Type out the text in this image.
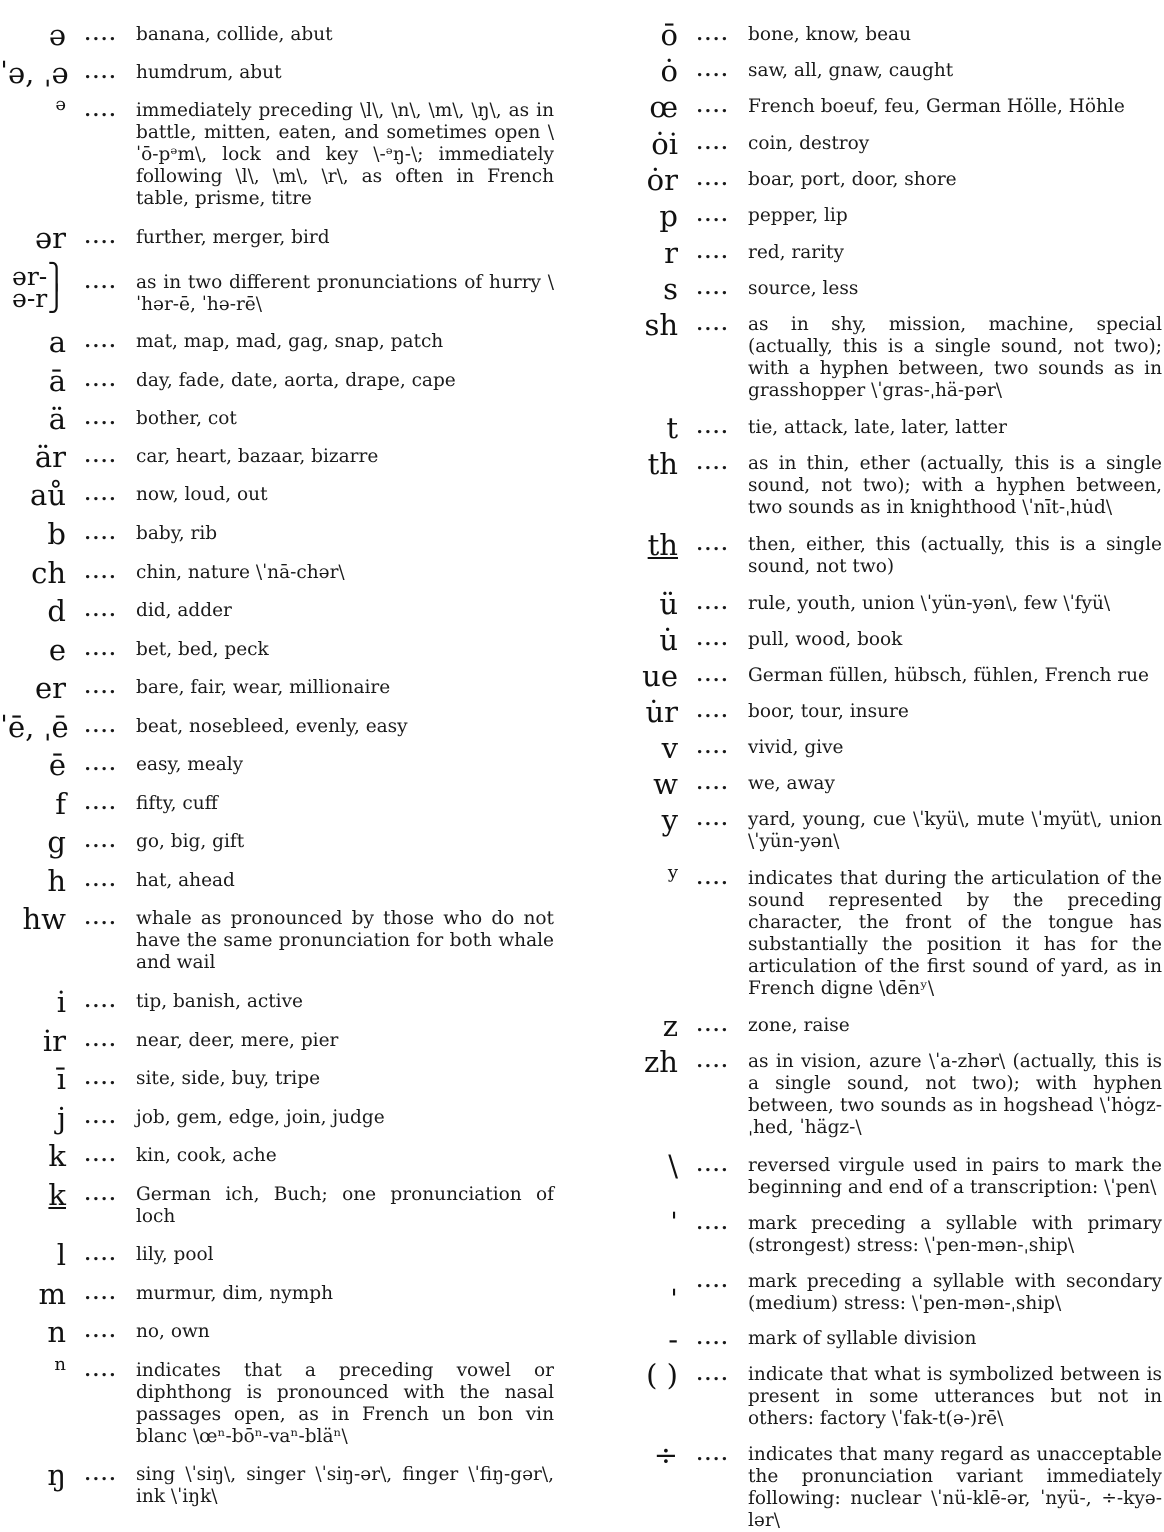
ə	.... banana, collide, abut
ˈə, ˌə .... humdrum, abut
ə	.... immediately preceding \l\, \n\, \m\, \ŋ\, as in battle, mitten, eaten, and sometimes open \ˈō-pᵊm\, lock and key \-ᵊŋ-\; immediately following \l\, \m\, \r\, as often in French table, prisme, titre
ər	.... further, merger, bird
ər-⎫ ə-r⎭
.... as in two different pronunciations of hurry \ˈhər-ē, ˈhə-rē\
a	.... mat, map, mad, gag, snap, patch
ā	.... day, fade, date, aorta, drape, cape
ä	.... bother, cot
är	.... car, heart, bazaar, bizarre
aů	.... now, loud, out
b	.... baby, rib
ch	.... chin, nature \ˈnā-chər\
d	.... did, adder
e	.... bet, bed, peck
er	.... bare, fair, wear, millionaire
ˈē, ˌē .... beat, nosebleed, evenly, easy
ē	.... easy, mealy
f	.... fifty, cuff
g	.... go, big, gift
h	.... hat, ahead
hw	.... whale as pronounced by those who do not have the same pronunciation for both whale and wail
i	.... tip, banish, active
ir	.... near, deer, mere, pier
ī	.... site, side, buy, tripe
j	.... job, gem, edge, join, judge
k	.... kin, cook, ache
k	.... German ich, Buch; one pronunciation of loch
l	.... lily, pool
m	.... murmur, dim, nymph
n	.... no, own
n	.... indicates that a preceding vowel or diphthong is pronounced with the nasal passages open, as in French un bon vin blanc \œⁿ-bōⁿ-vaⁿ-bläⁿ\
ŋ	.... sing \ˈsiŋ\, singer \ˈsiŋ-ər\, finger \ˈfiŋ-gər\, ink \ˈiŋk\
ō	.... bone, know, beau
ȯ	.... saw, all, gnaw, caught
œ	.... French boeuf, feu, German Hölle, Höhle
ȯi	.... coin, destroy
ȯr	.... boar, port, door, shore
p	.... pepper, lip
r	.... red, rarity
s	.... source, less
sh	.... as in shy, mission, machine, special (actually, this is a single sound, not two); with a hyphen between, two sounds as in grasshopper \ˈgras-ˌhä-pər\
t	.... tie, attack, late, later, latter
th	.... as in thin, ether (actually, this is a single sound, not two); with a hyphen between, two sounds as in knighthood \ˈnīt-ˌhu̇d\
th	.... then, either, this (actually, this is a single sound, not two)
ü	.... rule, youth, union \ˈyün-yən\, few \ˈfyü\
u̇	.... pull, wood, book
ue	.... German füllen, hübsch, fühlen, French rue
u̇r	.... boor, tour, insure
v	.... vivid, give
w	.... we, away
y	.... yard, young, cue \ˈkyü\, mute \ˈmyüt\, union \ˈyün-yən\
y	.... indicates that during the articulation of the sound represented by the preceding character, the front of the tongue has substantially the position it has for the articulation of the first sound of yard, as in French digne \dēnʸ\
z	.... zone, raise
zh	.... as in vision, azure \ˈa-zhər\ (actually, this is a single sound, not two); with hyphen between, two sounds as in hogshead \ˈhȯgz-ˌhed, ˈhägz-\
\	.... reversed virgule used in pairs to mark the beginning and end of a transcription: \ˈpen\
ˈ	.... mark preceding a syllable with primary (strongest) stress: \ˈpen-mən-ˌship\
ˌ	.... mark preceding a syllable with secondary (medium) stress: \ˈpen-mən-ˌship\
-	.... mark of syllable division
( )	.... indicate that what is symbolized between is present in some utterances but not in others: factory \ˈfak-t(ə-)rē\
÷	.... indicates that many regard as unacceptable the pronunciation variant immediately following: nuclear \ˈnü-klē-ər, ˈnyü-, ÷-kyə-lər\
